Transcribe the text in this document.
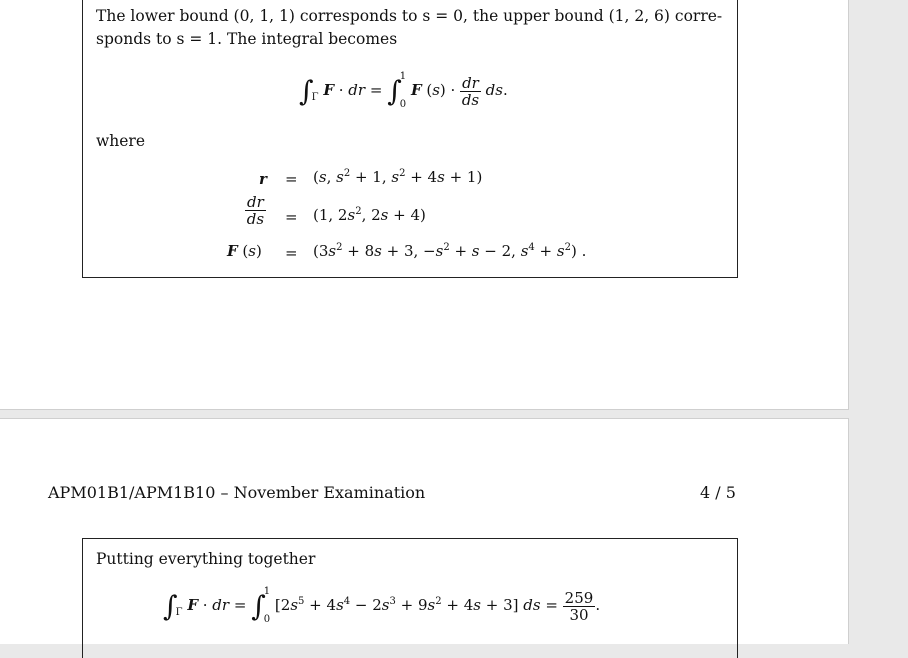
The lower bound (0, 1, 1) corresponds to s = 0, the upper bound (1, 2, 6) corre-
sponds to s = 1. The integral becomes
$\int_\Gamma$ F · dr = ∫1

0 F $(s) \cdot \frac{dr}{ds}$ ds.
where
r = (s, $s^2 + 1$, $s^2 + 4s + 1$)
$\frac{dr}{ds} = (1$, $2s^2$, 2s + 4)
F $(s) = (3s^2 + 8s + 3$, $-s^2 + s - 2$, $s^4 + s^2$) .
APM01B1/APM1B10 – November Examination	4 / 5
Putting everything together
$\int_\Gamma$ F · dr = ∫1

0 $[2s^5 + 4s^4 - 2s^3 + 9s^2 + 4s + 3]$ ds = $\frac{259}{30}$ .
